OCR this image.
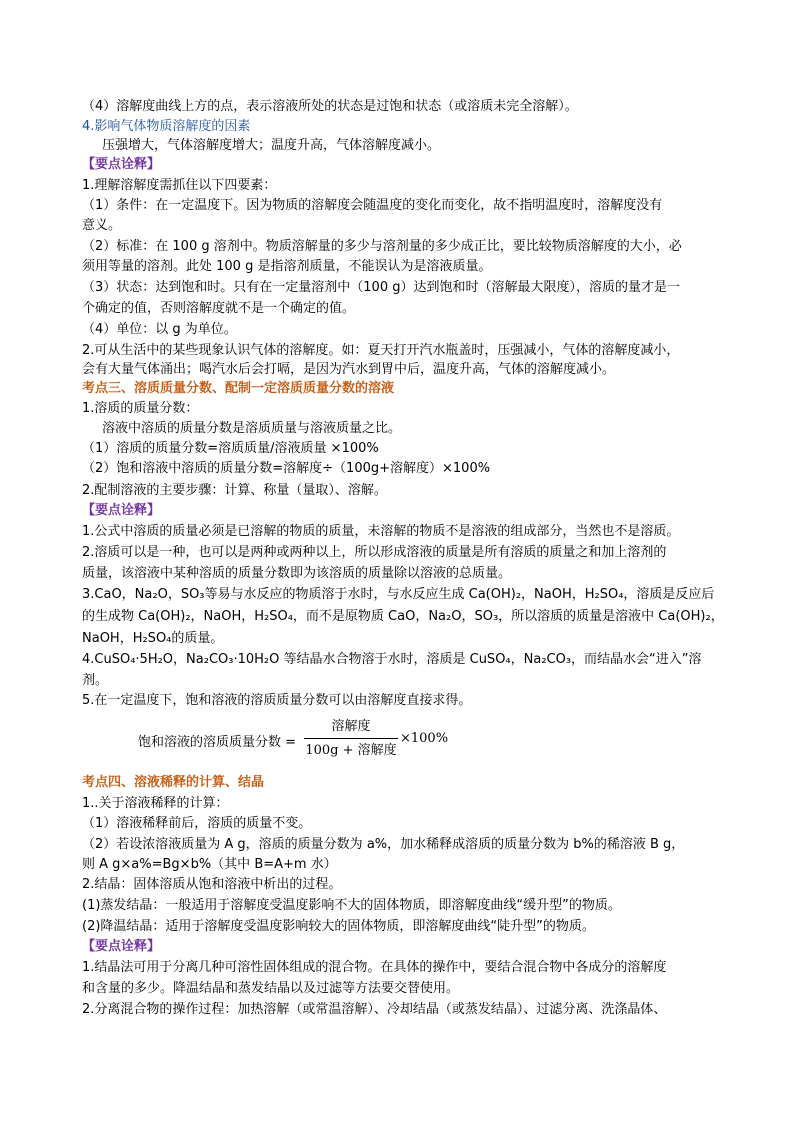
（4）溶解度曲线上方的点，表示溶液所处的状态是过饱和状态（或溶质未完全溶解）。
4.影响气体物质溶解度的因素
压强增大，气体溶解度增大；温度升高，气体溶解度减小。
【要点诠释】
1.理解溶解度需抓住以下四要素：
（1）条件：在一定温度下。因为物质的溶解度会随温度的变化而变化，故不指明温度时，溶解度没有
意义。
（2）标准：在 100 g 溶剂中。物质溶解量的多少与溶剂量的多少成正比，要比较物质溶解度的大小，必
须用等量的溶剂。此处 100 g 是指溶剂质量，不能误认为是溶液质量。
（3）状态：达到饱和时。只有在一定量溶剂中（100 g）达到饱和时（溶解最大限度），溶质的量才是一
个确定的值，否则溶解度就不是一个确定的值。
（4）单位：以 g 为单位。
2.可从生活中的某些现象认识气体的溶解度。如：夏天打开汽水瓶盖时，压强减小，气体的溶解度减小，
会有大量气体涌出；喝汽水后会打嗝，是因为汽水到胃中后，温度升高，气体的溶解度减小。
考点三、溶质质量分数、配制一定溶质质量分数的溶液
1.溶质的质量分数：
溶液中溶质的质量分数是溶质质量与溶液质量之比。
（1）溶质的质量分数=溶质质量/溶液质量 ×100%
（2）饱和溶液中溶质的质量分数=溶解度÷（100g+溶解度）×100%
2.配制溶液的主要步骤：计算、称量（量取）、溶解。
【要点诠释】
1.公式中溶质的质量必须是已溶解的物质的质量，未溶解的物质不是溶液的组成部分，当然也不是溶质。
2.溶质可以是一种，也可以是两种或两种以上，所以形成溶液的质量是所有溶质的质量之和加上溶剂的
质量，该溶液中某种溶质的质量分数即为该溶质的质量除以溶液的总质量。
3.CaO，Na₂O，SO₃等易与水反应的物质溶于水时，与水反应生成 Ca(OH)₂，NaOH，H₂SO₄，溶质是反应后
的生成物 Ca(OH)₂，NaOH，H₂SO₄，而不是原物质 CaO，Na₂O，SO₃，所以溶质的质量是溶液中 Ca(OH)₂，
NaOH，H₂SO₄的质量。
4.CuSO₄·5H₂O，Na₂CO₃·10H₂O 等结晶水合物溶于水时，溶质是 CuSO₄，Na₂CO₃，而结晶水会“进入”溶
剂。
5.在一定温度下，饱和溶液的溶质质量分数可以由溶解度直接求得。
饱和溶液的溶质质量分数 =
溶解度
100g + 溶解度
×100%
考点四、溶液稀释的计算、结晶
1..关于溶液稀释的计算：
（1）溶液稀释前后，溶质的质量不变。
（2）若设浓溶液质量为 A g，溶质的质量分数为 a%，加水稀释成溶质的质量分数为 b%的稀溶液 B g，
则 A g×a%=Bg×b%（其中 B=A+m 水）
2.结晶：固体溶质从饱和溶液中析出的过程。
(1)蒸发结晶：一般适用于溶解度受温度影响不大的固体物质，即溶解度曲线“缓升型”的物质。
(2)降温结晶：适用于溶解度受温度影响较大的固体物质，即溶解度曲线“陡升型”的物质。
【要点诠释】
1.结晶法可用于分离几种可溶性固体组成的混合物。在具体的操作中，要结合混合物中各成分的溶解度
和含量的多少。降温结晶和蒸发结晶以及过滤等方法要交替使用。
2.分离混合物的操作过程：加热溶解（或常温溶解）、冷却结晶（或蒸发结晶）、过滤分离、洗涤晶体、
